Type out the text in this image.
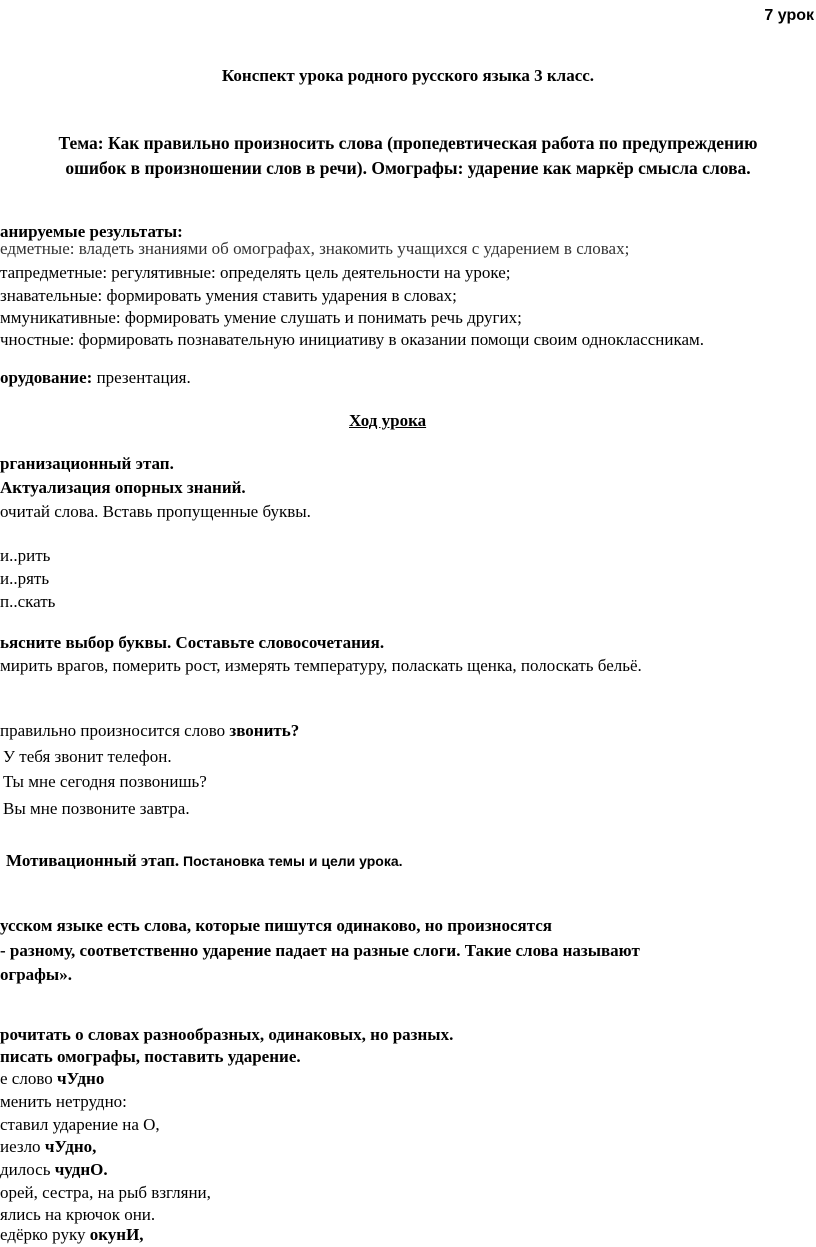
7 урок
Конспект урока родного русского языка 3 класс.
Тема: Как правильно произносить слова (пропедевтическая работа по предупреждению
ошибок в произношении слов в речи). Омографы: ударение как маркёр смысла слова.
анируемые результаты:
едметные: владеть знаниями об омографах, знакомить учащихся с ударением в словах;
тапредметные: регулятивные: определять цель деятельности на уроке;
знавательные: формировать умения ставить ударения в словах;
ммуникативные: формировать умение слушать и понимать речь других;
чностные: формировать познавательную инициативу в оказании помощи своим одноклассникам.
орудование: презентация.
Ход урока
рганизационный этап.
Актуализация опорных знаний.
очитай слова. Вставь пропущенные буквы.
и..рить
и..рять
п..скать
ьясните выбор буквы. Составьте словосочетания.
мирить врагов, померить рост, измерять температуру, поласкать щенка, полоскать бельё.
правильно произносится слово звонить?
У тебя звонит телефон.
Ты мне сегодня позвонишь?
Вы мне позвоните завтра.
Мотивационный этап. Постановка темы и цели урока.
усском языке есть слова, которые пишутся одинаково, но произносятся
- разному, соответственно ударение падает на разные слоги. Такие слова называют
ографы».
рочитать о словах разнообразных, одинаковых, но разных.
писать омографы, поставить ударение.
е слово чУдно
менить нетрудно:
ставил ударение на О,
иезло чУдно,
дилось чуднО.
орей, сестра, на рыб взгляни,
ялись на крючок они.
едёрко руку окунИ,
